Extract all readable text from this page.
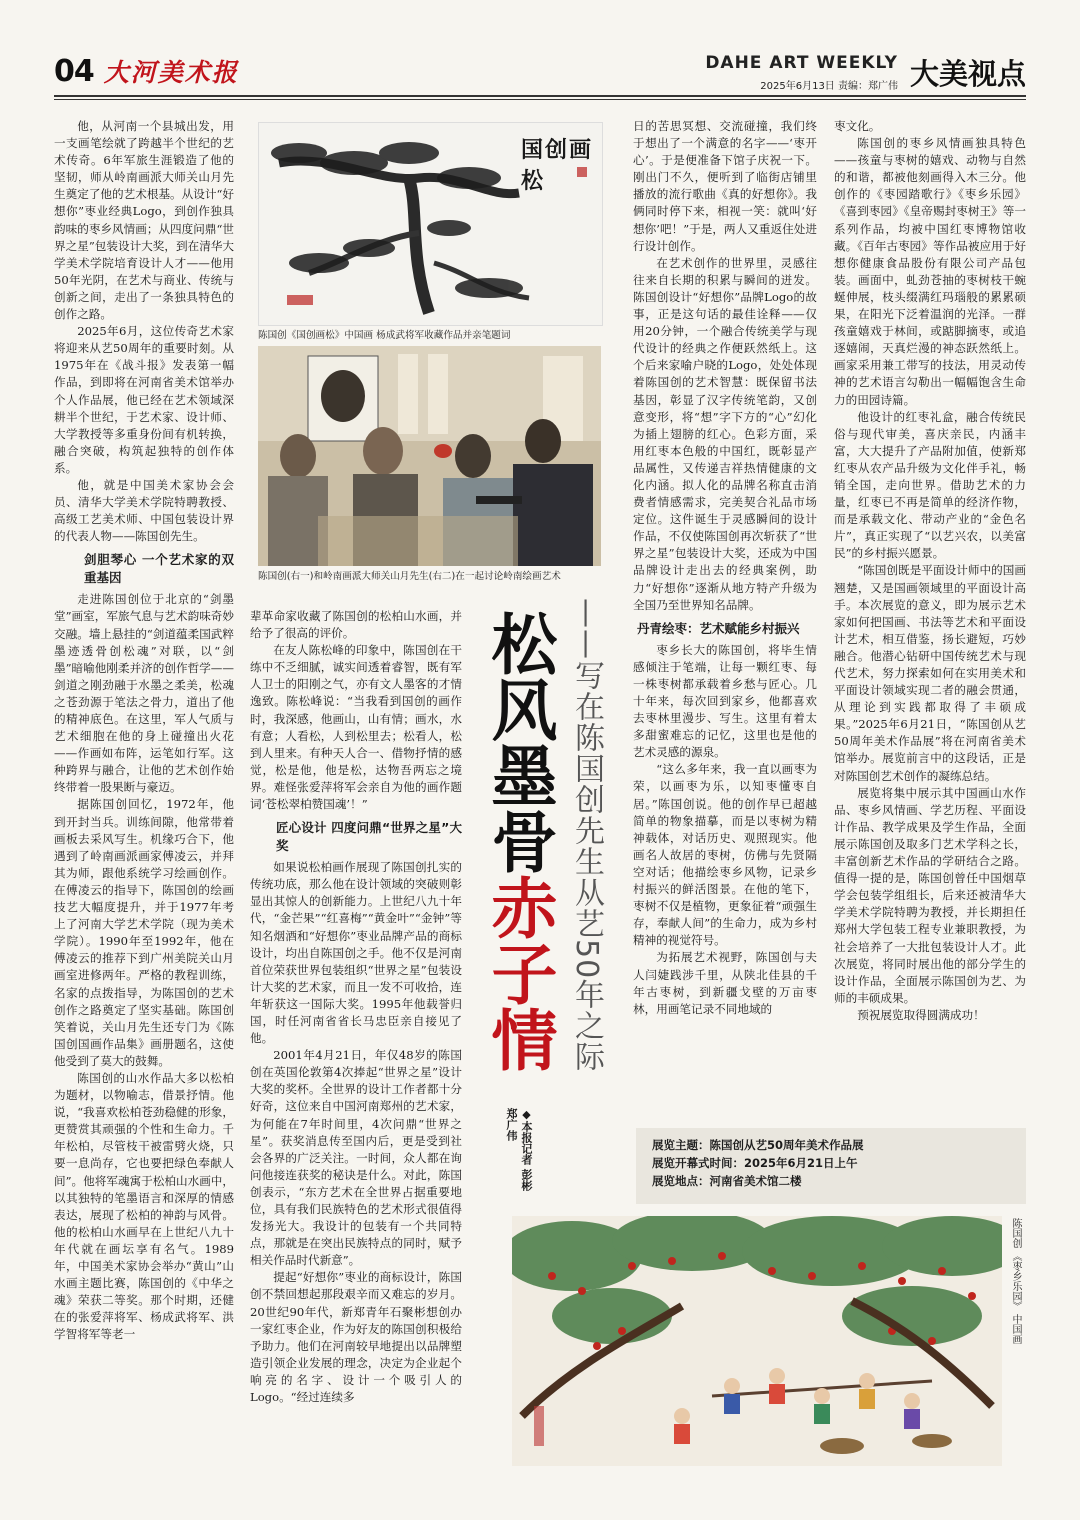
04 大河美术报	DAHE ART WEEKLY
2025年6月13日 责编：郑广伟 大美视点

他，从河南一个县城出发，用一支画笔绘就了跨越半个世纪的艺术传奇。6年军旅生涯锻造了他的坚韧，师从岭南画派大师关山月先生奠定了他的艺术根基。从设计“好想你”枣业经典Logo，到创作独具韵味的枣乡风情画；从四度问鼎“世界之星”包装设计大奖，到在清华大学美术学院培育设计人才——他用50年光阴，在艺术与商业、传统与创新之间，走出了一条独具特色的创作之路。

2025年6月，这位传奇艺术家将迎来从艺50周年的重要时刻。从1975年在《战斗报》发表第一幅作品，到即将在河南省美术馆举办个人作品展，他已经在艺术领域深耕半个世纪，于艺术家、设计师、大学教授等多重身份间有机转换，融合突破，构筑起独特的创作体系。

他，就是中国美术家协会会员、清华大学美术学院特聘教授、高级工艺美术师、中国包装设计界的代表人物——陈国创先生。

剑胆琴心 一个艺术家的双重基因

走进陈国创位于北京的“剑墨堂”画室，军旅气息与艺术韵味奇妙交融。墙上悬挂的“剑道蕴柔国武粹 墨迹透骨创松魂”对联，以“剑墨”暗喻他刚柔并济的创作哲学——剑道之刚劲融于水墨之柔美，松魂之苍劲源于笔法之骨力，道出了他的精神底色。在这里，军人气质与艺术细胞在他的身上碰撞出火花——作画如布阵，运笔如行军。这种跨界与融合，让他的艺术创作始终带着一股果断与豪迈。

据陈国创回忆，1972年，他到开封当兵。训练间隙，他常带着画板去采风写生。机缘巧合下，他遇到了岭南画派画家傅凌云，并拜其为师，跟他系统学习绘画创作。在傅凌云的指导下，陈国创的绘画技艺大幅度提升，并于1977年考上了河南大学艺术学院（现为美术学院）。1990年至1992年，他在傅凌云的推荐下到广州美院关山月画室进修两年。严格的教程训练，名家的点拨指导，为陈国创的艺术创作之路奠定了坚实基础。陈国创笑着说，关山月先生还专门为《陈国创国画作品集》画册题名，这使他受到了莫大的鼓舞。

陈国创的山水作品大多以松柏为题材，以物喻志，借景抒情。他说，“我喜欢松柏苍劲稳健的形象，更赞赏其顽强的个性和生命力。千年松柏，尽管枝干被雷劈火烧，只要一息尚存，它也要把绿色奉献人间”。他将军魂寓于松柏山水画中，以其独特的笔墨语言和深厚的情感表达，展现了松柏的神韵与风骨。他的松柏山水画早在上世纪八九十年代就在画坛享有名气。1989年，中国美术家协会举办“黄山”山水画主题比赛，陈国创的《中华之魂》荣获二等奖。那个时期，还健在的张爱萍将军、杨成武将军、洪学智将军等老一

国创画松
陈国创《国创画松》中国画 杨成武将军收藏作品并亲笔题词
陈国创(右一)和岭南画派大师关山月先生(右二)在一起讨论岭南绘画艺术

辈革命家收藏了陈国创的松柏山水画，并给予了很高的评价。

在友人陈松峰的印象中，陈国创在干练中不乏细腻，诚实间透着睿智，既有军人卫士的阳刚之气，亦有文人墨客的才情逸致。陈松峰说：“当我看到国创的画作时，我深感，他画山，山有情；画水，水有意；人看松，人到松里去；松看人，松到人里来。有种天人合一、借物抒情的感觉，松是他，他是松，达物吾两忘之境界。难怪张爱萍将军会亲自为他的画作题词‘苍松翠柏赞国魂’！”

匠心设计 四度问鼎“世界之星”大奖

如果说松柏画作展现了陈国创扎实的传统功底，那么他在设计领域的突破则彰显出其惊人的创新能力。上世纪八九十年代，“金芒果”“红喜梅”“黄金叶”“金钟”等知名烟酒和“好想你”枣业品牌产品的商标设计，均出自陈国创之手。他不仅是河南首位荣获世界包装组织“世界之星”包装设计大奖的艺术家，而且一发不可收拾，连年斩获这一国际大奖。1995年他载誉归国，时任河南省省长马忠臣亲自接见了他。

2001年4月21日，年仅48岁的陈国创在英国伦敦第4次捧起“世界之星”设计大奖的奖杯。全世界的设计工作者都十分好奇，这位来自中国河南郑州的艺术家，为何能在7年时间里，4次问鼎“世界之星”。获奖消息传至国内后，更是受到社会各界的广泛关注。一时间，众人都在询问他接连获奖的秘诀是什么。对此，陈国创表示，“东方艺术在全世界占据重要地位，具有我们民族特色的艺术形式很值得发扬光大。我设计的包装有一个共同特点，那就是在突出民族特点的同时，赋予相关作品时代新意”。

提起“好想你”枣业的商标设计，陈国创不禁回想起那段艰辛而又难忘的岁月。20世纪90年代，新郑青年石聚彬想创办一家红枣企业，作为好友的陈国创积极给予助力。他们在河南较早地提出以品牌塑造引领企业发展的理念，决定为企业起个响亮的名字、设计一个吸引人的Logo。“经过连续多

松风墨骨赤子情 ——写在陈国创先生从艺50年之际
◆本报记者 彭彬 郑广伟

日的苦思冥想、交流碰撞，我们终于想出了一个满意的名字——‘枣开心’。于是便准备下馆子庆祝一下。刚出门不久，便听到了临街店铺里播放的流行歌曲《真的好想你》。我俩同时停下来，相视一笑：就叫‘好想你’吧！”于是，两人又重返住处进行设计创作。

在艺术创作的世界里，灵感往往来自长期的积累与瞬间的迸发。陈国创设计“好想你”品牌Logo的故事，正是这句话的最佳诠释——仅用20分钟，一个融合传统美学与现代设计的经典之作便跃然纸上。这个后来家喻户晓的Logo，处处体现着陈国创的艺术智慧：既保留书法基因，彰显了汉字传统笔韵，又创意变形，将“想”字下方的“心”幻化为插上翅膀的红心。色彩方面，采用红枣本色般的中国红，既彰显产品属性，又传递吉祥热情健康的文化内涵。拟人化的品牌名称直击消费者情感需求，完美契合礼品市场定位。这件诞生于灵感瞬间的设计作品，不仅使陈国创再次斩获了“世界之星”包装设计大奖，还成为中国品牌设计走出去的经典案例，助力“好想你”逐渐从地方特产升级为全国乃至世界知名品牌。

丹青绘枣：艺术赋能乡村振兴

枣乡长大的陈国创，将毕生情感倾注于笔端，让每一颗红枣、每一株枣树都承载着乡愁与匠心。几十年来，每次回到家乡，他都喜欢去枣林里漫步、写生。这里有着太多甜蜜难忘的记忆，这里也是他的艺术灵感的源泉。

“这么多年来，我一直以画枣为荣，以画枣为乐，以知枣懂枣自居。”陈国创说。他的创作早已超越简单的物象描摹，而是以枣树为精神载体，对话历史、观照现实。他画名人故居的枣树，仿佛与先贤隔空对话；他描绘枣乡风物，记录乡村振兴的鲜活图景。在他的笔下，枣树不仅是植物，更象征着“顽强生存，奉献人间”的生命力，成为乡村精神的视觉符号。

为拓展艺术视野，陈国创与夫人闫婕践涉千里，从陕北佳县的千年古枣树，到新疆戈壁的万亩枣林，用画笔记录不同地域的

枣文化。

陈国创的枣乡风情画独具特色——孩童与枣树的嬉戏、动物与自然的和谐，都被他刻画得入木三分。他创作的《枣园踏歌行》《枣乡乐园》《喜到枣园》《皇帝赐封枣树王》等一系列作品，均被中国红枣博物馆收藏。《百年古枣园》等作品被应用于好想你健康食品股份有限公司产品包装。画面中，虬劲苍抽的枣树枝干蜿蜒伸展，枝头缀满红玛瑙般的累累硕果，在阳光下泛着温润的光泽。一群孩童嬉戏于林间，或踮脚摘枣，或追逐嬉闹，天真烂漫的神态跃然纸上。画家采用兼工带写的技法，用灵动传神的艺术语言勾勒出一幅幅饱含生命力的田园诗篇。

他设计的红枣礼盒，融合传统民俗与现代审美，喜庆亲民，内涵丰富，大大提升了产品附加值，使新郑红枣从农产品升级为文化伴手礼，畅销全国，走向世界。借助艺术的力量，红枣已不再是简单的经济作物，而是承载文化、带动产业的“金色名片”，真正实现了“以艺兴农，以美富民”的乡村振兴愿景。

“陈国创既是平面设计师中的国画翘楚，又是国画领域里的平面设计高手。本次展览的意义，即为展示艺术家如何把国画、书法等艺术和平面设计艺术，相互借鉴，扬长避短，巧妙融合。他潜心钻研中国传统艺术与现代艺术，努力探索如何在实用美术和平面设计领域实现二者的融会贯通，从理论到实践都取得了丰硕成果。”2025年6月21日，“陈国创从艺50周年美术作品展”将在河南省美术馆举办。展览前言中的这段话，正是对陈国创艺术创作的凝练总结。

展览将集中展示其中国画山水作品、枣乡风情画、学艺历程、平面设计作品、教学成果及学生作品，全面展示陈国创及取多门艺术学科之长，丰富创新艺术作品的学研结合之路。值得一提的是，陈国创曾任中国烟草学会包装学组组长，后来还被清华大学美术学院特聘为教授，并长期担任郑州大学包装工程专业兼职教授，为社会培养了一大批包装设计人才。此次展览，将同时展出他的部分学生的设计作品，全面展示陈国创为艺、为师的丰硕成果。

预祝展览取得圆满成功！

展览主题：陈国创从艺50周年美术作品展
展览开幕式时间：2025年6月21日上午
展览地点：河南省美术馆二楼
陈国创 《枣乡乐园》 中国画
